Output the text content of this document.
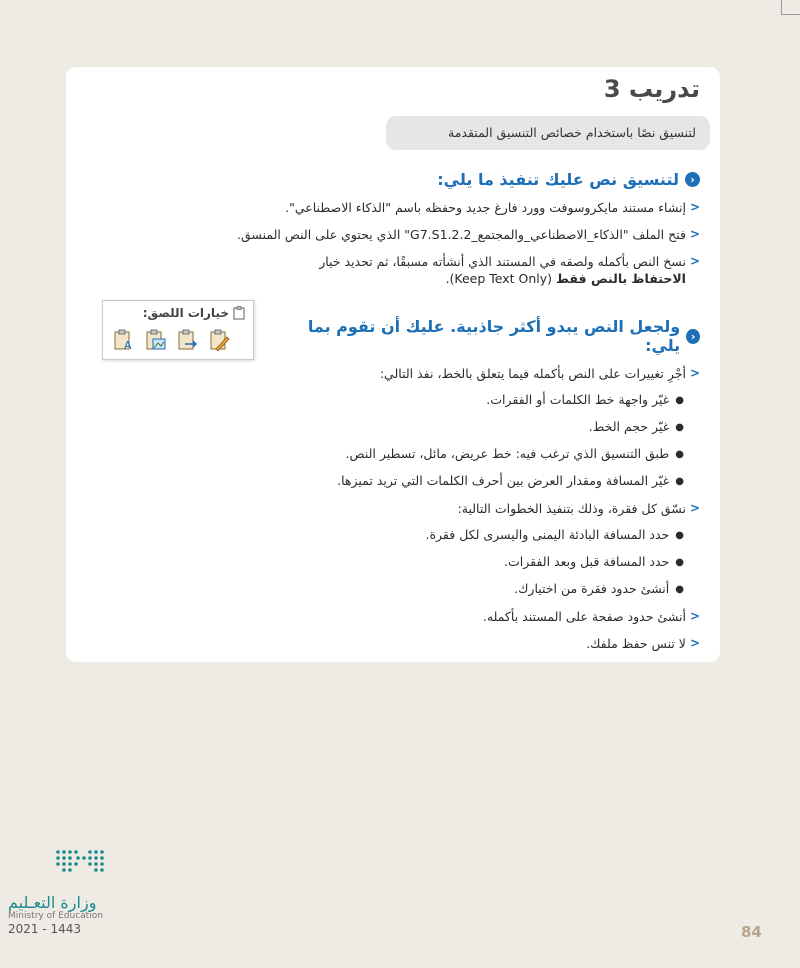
تدريب 3
لتنسيق نصًا باستخدام خصائص التنسيق المتقدمة
‹
لتنسيق نص عليك تنفيذ ما يلي:
<
إنشاء مستند مايكروسوفت وورد فارغ جديد وحفظه باسم "الذكاء الاصطناعي".
<
فتح الملف "الذكاء_الاصطناعي_والمجتمع_G7.S1.2.2" الذي يحتوي على النص المنسق.
<
نسخ النص بأكمله ولصقه في المستند الذي أنشأته مسبقًا، ثم تحديد خيار
الاحتفاظ بالنص فقط (Keep Text Only).
خيارات اللصق:
A
‹
ولجعل النص يبدو أكثر جاذبية. عليك أن تقوم بما يلي:
<
أجْرِ تغييرات على النص بأكمله فيما يتعلق بالخط، نفذ التالي:
●
غيّر واجهة خط الكلمات أو الفقرات.
●
غيّر حجم الخط.
●
طبق التنسيق الذي ترغب فيه: خط عريض، مائل، تسطير النص.
●
غيّر المسافة ومقدار العرض بين أحرف الكلمات التي تريد تميزها.
<
نسّق كل فقرة، وذلك بتنفيذ الخطوات التالية:
●
حدد المسافة البادئة اليمنى واليسرى لكل فقرة.
●
حدد المسافة قبل وبعد الفقرات.
●
أنشئ حدود فقرة من اختيارك.
<
أنشئ حدود صفحة على المستند بأكمله.
<
لا تنس حفظ ملفك.
وزارة التعـليم
Ministry of Education
2021 - 1443	84
